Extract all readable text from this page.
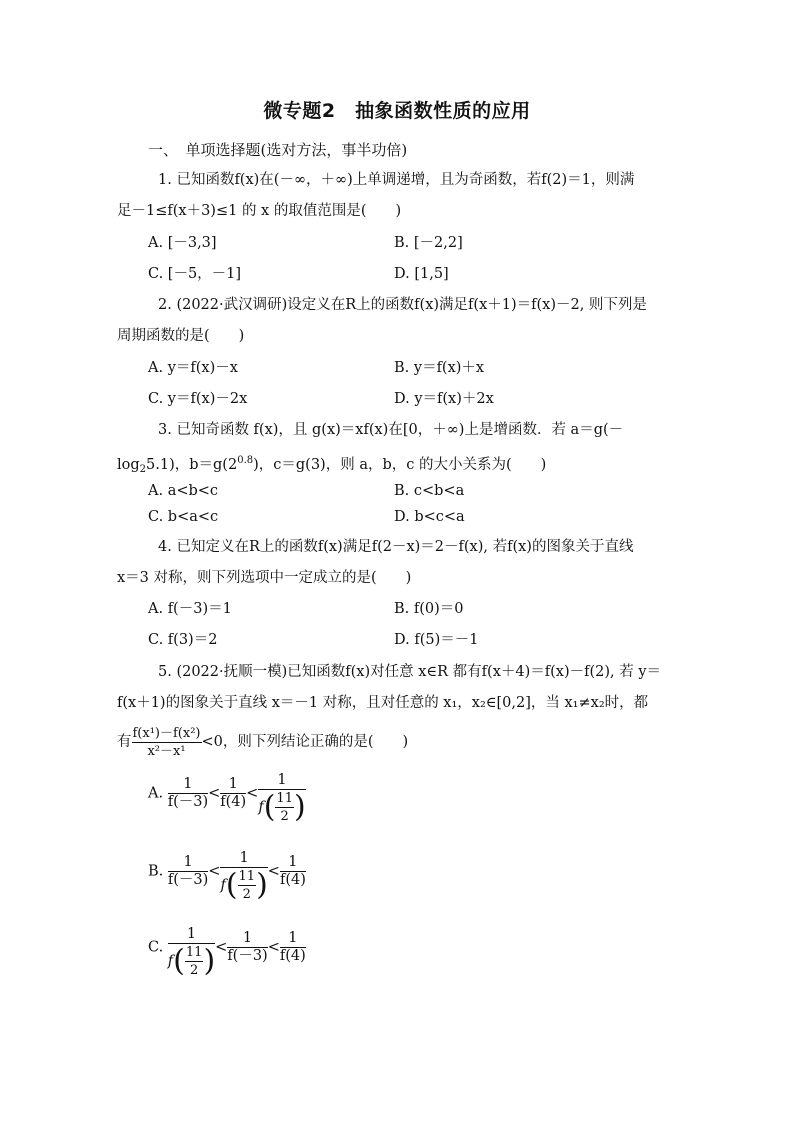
微专题2　抽象函数性质的应用
一、　单项选择题(选对方法，事半功倍)
1. 已知函数f(x)在(－∞，＋∞)上单调递增，且为奇函数，若f(2)＝1，则满
足－1≤f(x＋3)≤1 的 x 的取值范围是(　　)
A. [－3,3]	B. [－2,2]
C. [－5，－1]	D. [1,5]
2. (2022·武汉调研)设定义在R上的函数f(x)满足f(x＋1)＝f(x)－2, 则下列是
周期函数的是(　　)
A. y＝f(x)－x	B. y＝f(x)＋x
C. y＝f(x)－2x	D. y＝f(x)＋2x
3. 已知奇函数 f(x)，且 g(x)＝xf(x)在[0，＋∞)上是增函数．若 a＝g(－
$\log_25.1$)，$b=g(2^{0.8})$，c＝g(3)，则 a，b，c 的大小关系为(　　)
A. a<b<c	B. c<b<a
C. b<a<c	D. b<c<a
4. 已知定义在R上的函数f(x)满足f(2－x)＝2－f(x), 若f(x)的图象关于直线
x＝3 对称，则下列选项中一定成立的是(　　)
A. f(－3)＝1	B. f(0)＝0
C. f(3)＝2	D. f(5)＝－1
5. (2022·抚顺一模)已知函数f(x)对任意 x∈R 都有f(x＋4)＝f(x)－f(2), 若 y＝
f(x＋1)的图象关于直线 x＝－1 对称，且对任意的 x₁，x₂∈[0,2]，当 x₁≠x₂时，都
有 $\frac{\text{f(x¹)－f(x²)}}{\text{x²－x¹}} <0$，则下列结论正确的是(　　)
A. $\frac{1}{f(-3)} < \frac{1}{f(4)} < \frac{1}{f( \frac{11}{2} )}$
B. $\frac{1}{f(-3)} < \frac{1}{f( \frac{11}{2} )} < \frac{1}{f(4)}$
C. $\frac{1}{f( \frac{11}{2} )} < \frac{1}{f(-3)} < \frac{1}{f(4)}$
